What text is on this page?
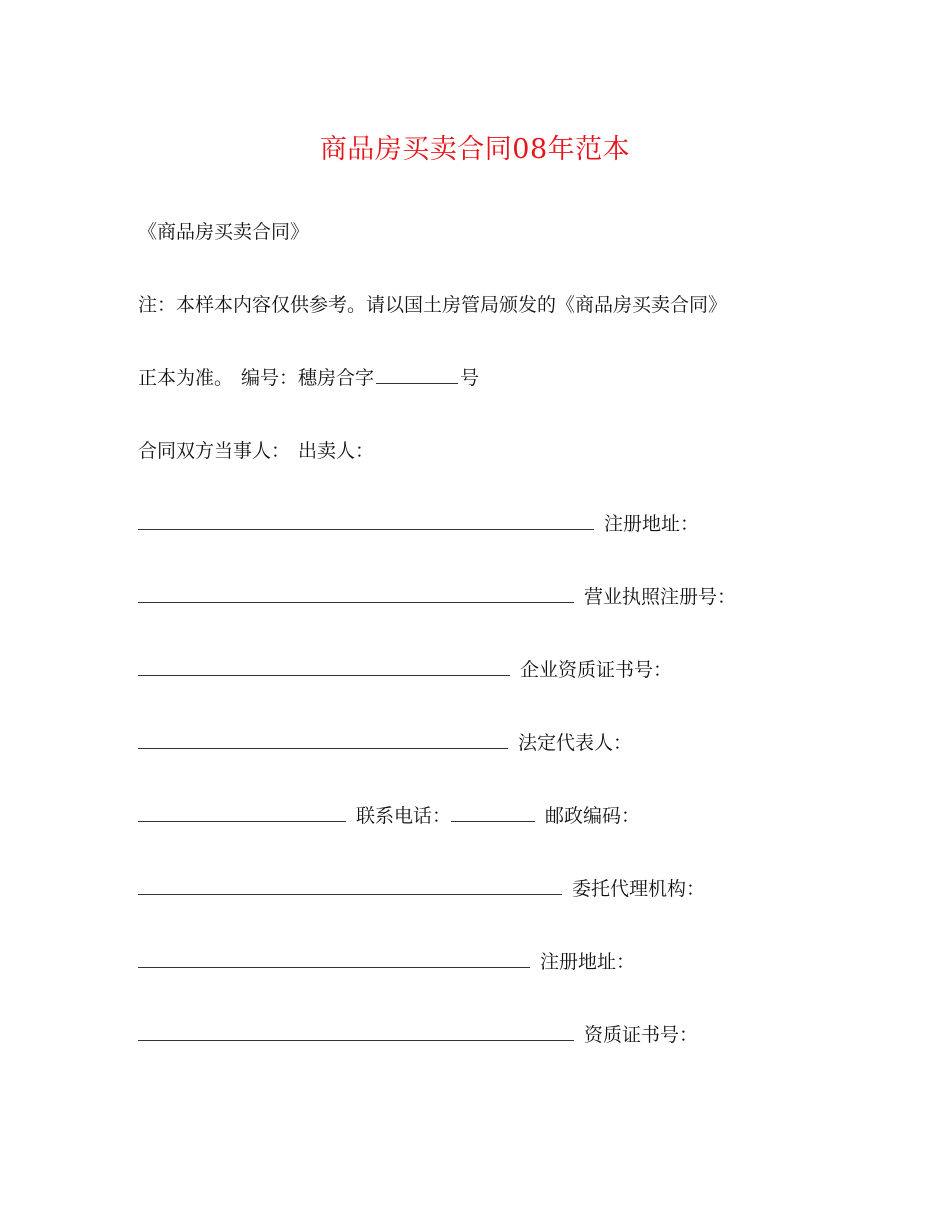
商品房买卖合同08年范本
《商品房买卖合同》
注：本样本内容仅供参考。请以国土房管局颁发的《商品房买卖合同》
正本为准。 编号：穗房合字	号
合同双方当事人： 出卖人：
注册地址：
营业执照注册号：
企业资质证书号：
法定代表人：
联系电话：	邮政编码：
委托代理机构：
注册地址：
资质证书号：
